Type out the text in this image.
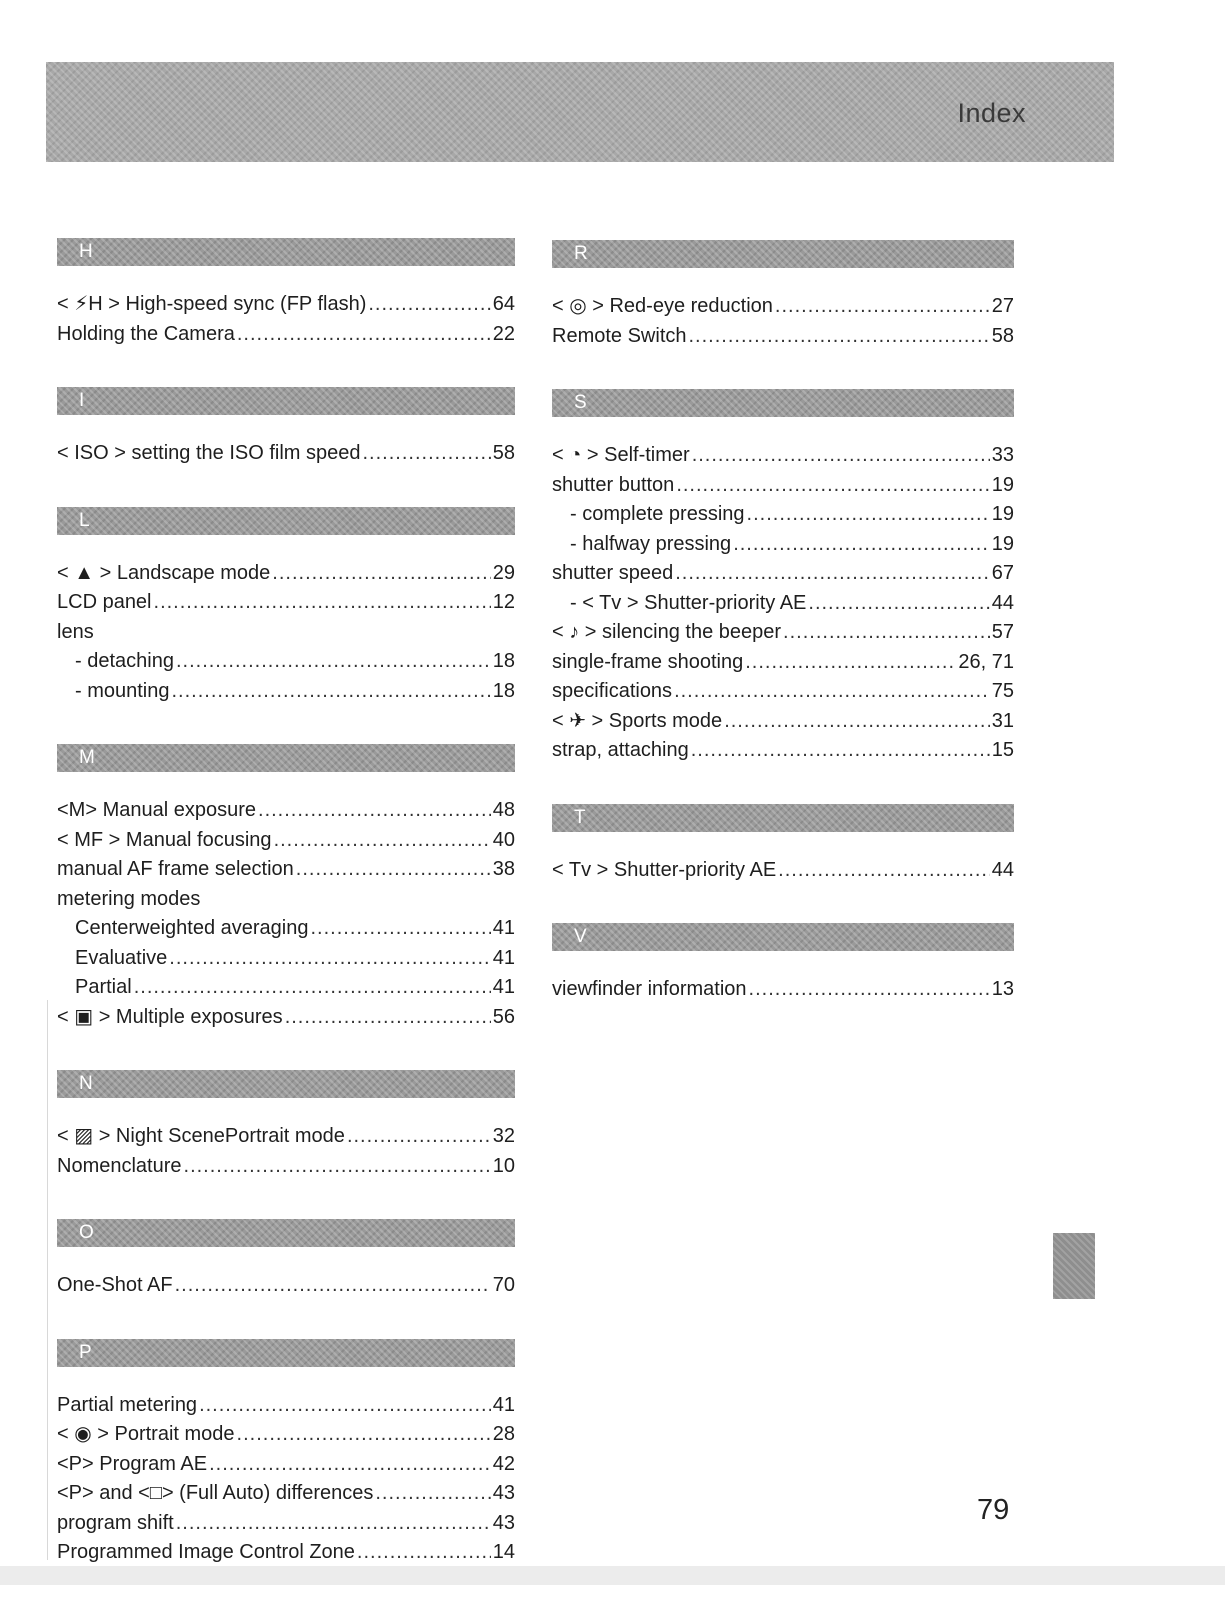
Index
H
< ⚡H > High-speed sync (FP flash) .....	64
Holding the Camera .....	22
I
< ISO > setting the ISO film speed .....	58
L
< ▲ > Landscape mode .....	29
LCD panel .....	12
lens
- detaching .....	18
- mounting .....	18
M
<M> Manual exposure .....	48
< MF > Manual focusing .....	40
manual AF frame selection .....	38
metering modes
Centerweighted averaging .....	41
Evaluative .....	41
Partial .....	41
< ▣ > Multiple exposures .....	56
N
< ▨ > Night ScenePortrait mode .....	32
Nomenclature .....	10
O
One-Shot AF .....	70
P
Partial metering .....	41
< ◉ > Portrait mode .....	28
<P> Program AE .....	42
<P> and <□> (Full Auto) differences .....	43
program shift .....	43
Programmed Image Control Zone .....	14
R
< ◎ > Red-eye reduction .....	27
Remote Switch .....	58
S
< ◔ > Self-timer .....	33
shutter button .....	19
- complete pressing .....	19
- halfway pressing .....	19
shutter speed .....	67
- < Tv > Shutter-priority AE .....	44
< ♪ > silencing the beeper .....	57
single-frame shooting .....	26, 71
specifications .....	75
< ✈ > Sports mode .....	31
strap, attaching .....	15
T
< Tv > Shutter-priority AE .....	44
V
viewfinder information .....	13
79
